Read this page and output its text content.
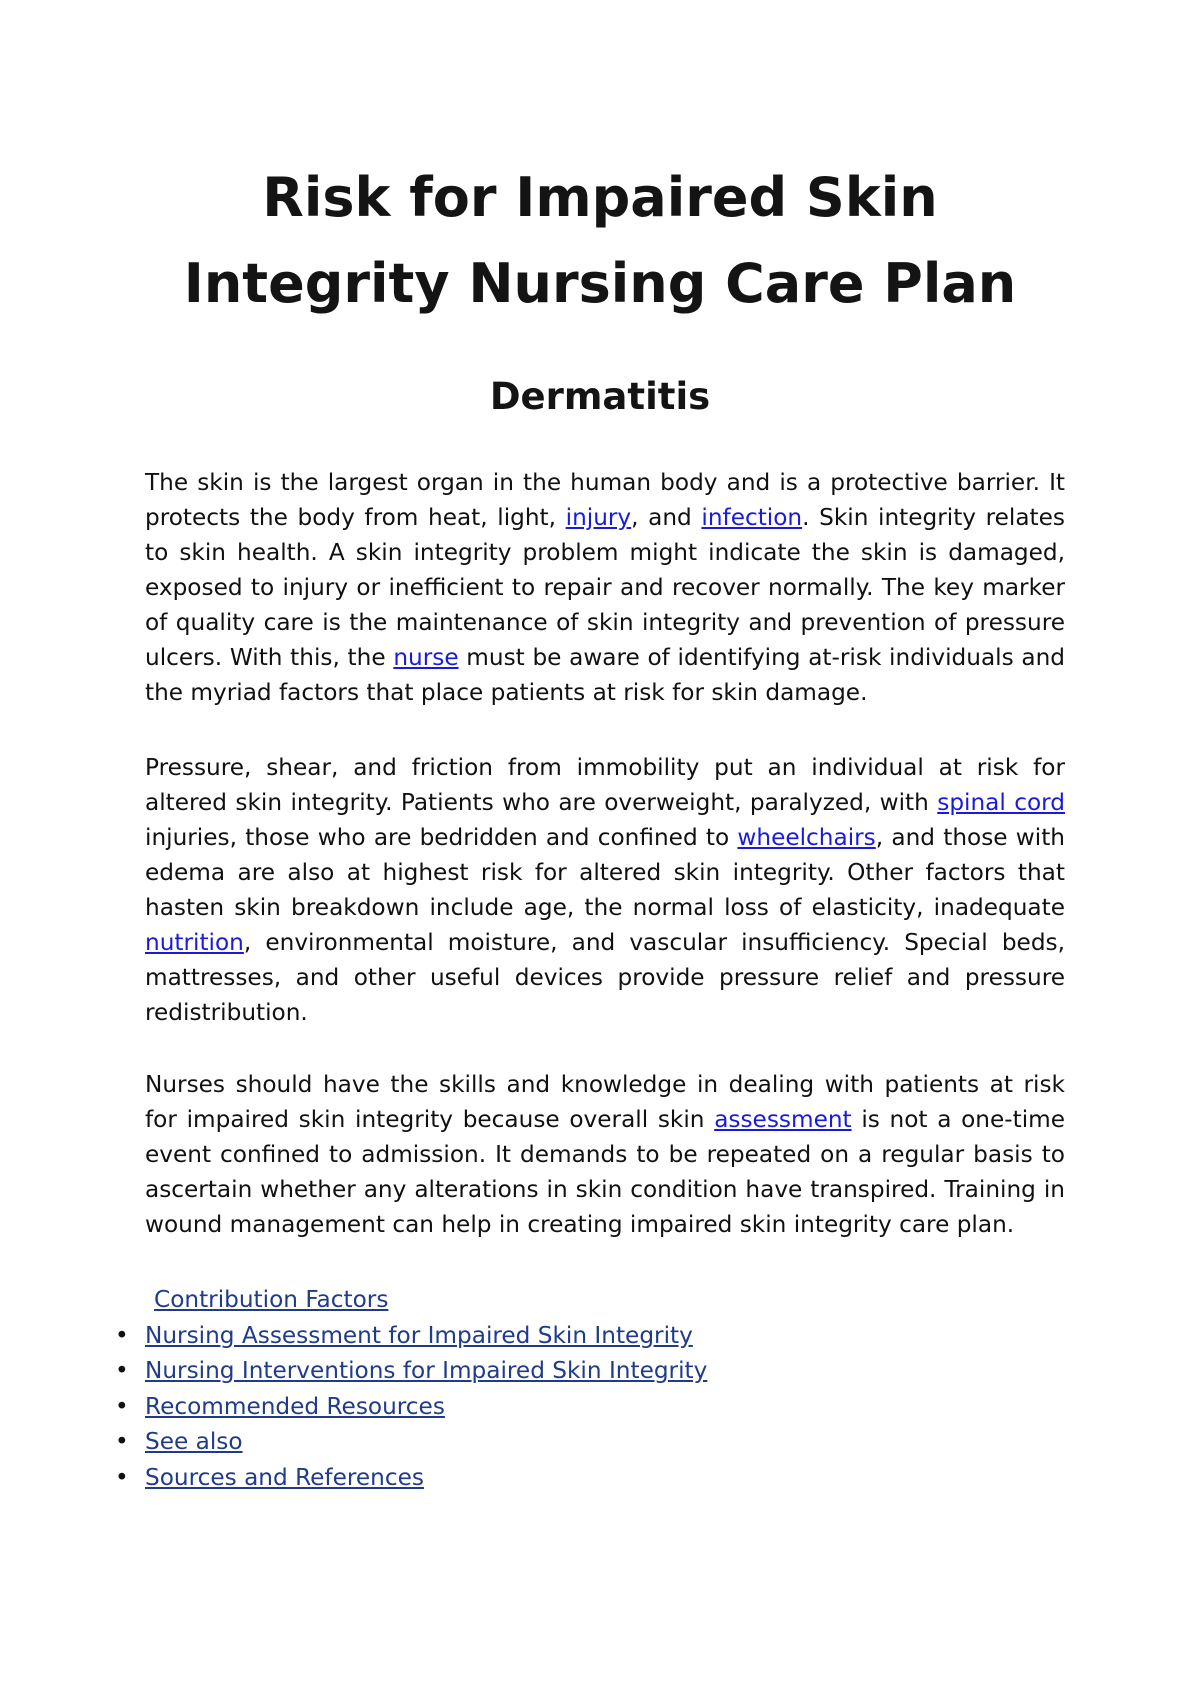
Risk for Impaired Skin
Integrity Nursing Care Plan
Dermatitis

The skin is the largest organ in the human body and is a protective barrier. It protects the body from heat, light, injury, and infection. Skin integrity relates to skin health. A skin integrity problem might indicate the skin is damaged, exposed to injury or inefficient to repair and recover normally. The key marker of quality care is the maintenance of skin integrity and prevention of pressure ulcers. With this, the nurse must be aware of identifying at-risk individuals and the myriad factors that place patients at risk for skin damage.

Pressure, shear, and friction from immobility put an individual at risk for altered skin integrity. Patients who are overweight, paralyzed, with spinal cord injuries, those who are bedridden and confined to wheelchairs, and those with edema are also at highest risk for altered skin integrity. Other factors that hasten skin breakdown include age, the normal loss of elasticity, inadequate nutrition, environmental moisture, and vascular insufficiency. Special beds, mattresses, and other useful devices provide pressure relief and pressure redistribution.

Nurses should have the skills and knowledge in dealing with patients at risk for impaired skin integrity because overall skin assessment is not a one-time event confined to admission. It demands to be repeated on a regular basis to ascertain whether any alterations in skin condition have transpired. Training in wound management can help in creating impaired skin integrity care plan.

Contribution Factors
• Nursing Assessment for Impaired Skin Integrity
• Nursing Interventions for Impaired Skin Integrity
• Recommended Resources
• See also
• Sources and References
